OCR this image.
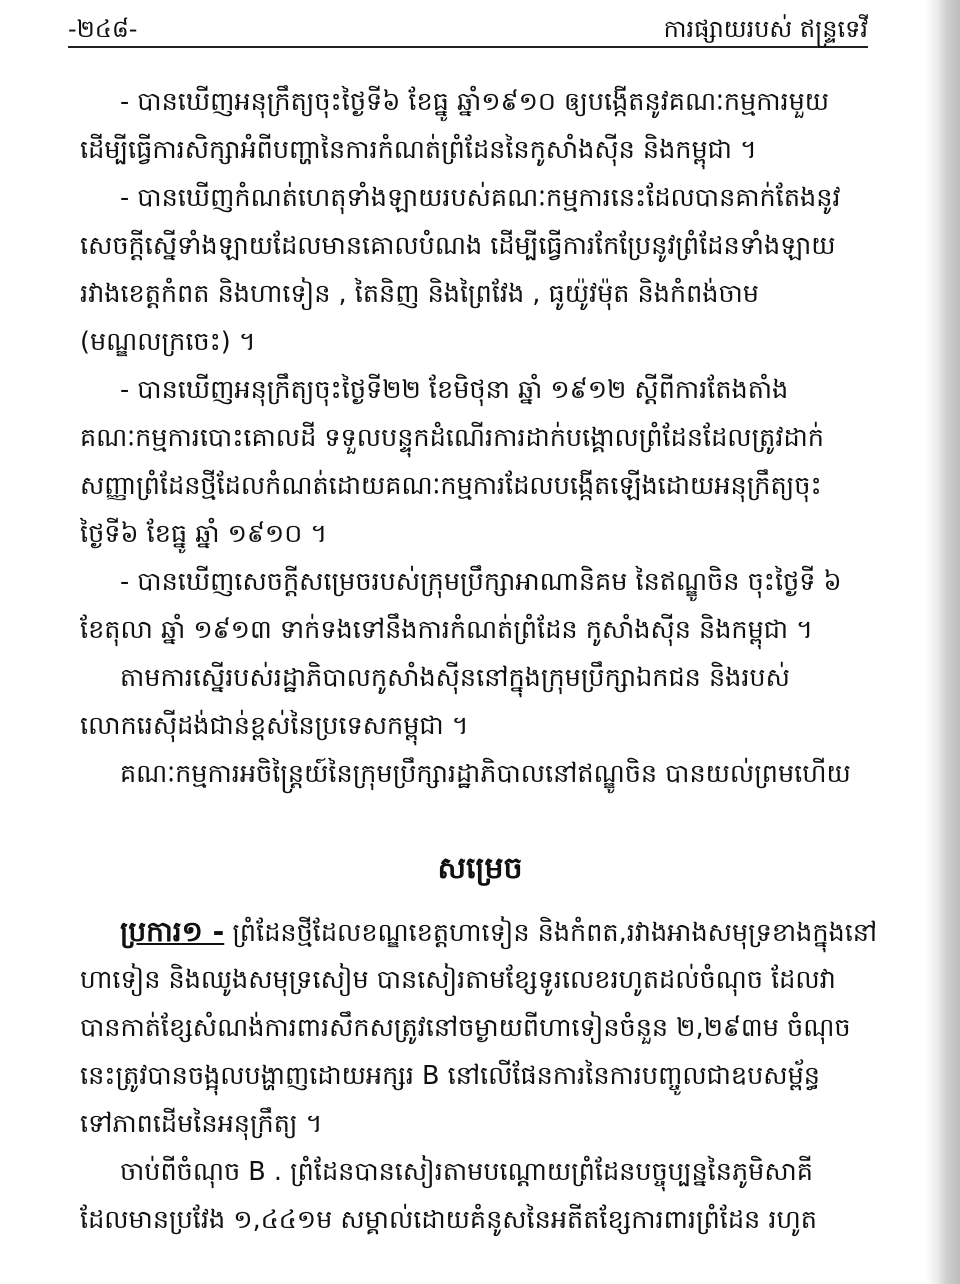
-២៤៨-	ការផ្សាយរបស់ ឥន្ទ្រទេវី
- បានឃើញអនុក្រឹត្យចុះថ្ងៃទី៦ ខែធ្នូ ឆ្នាំ១៩១០ ឲ្យបង្កើតនូវគណៈកម្មការមួយ
ដើម្បីធ្វើការសិក្សាអំពីបញ្ហានៃការកំណត់ព្រំដែននៃកូសាំងស៊ីន និងកម្ពុជា ។
- បានឃើញកំណត់ហេតុទាំងឡាយរបស់គណៈកម្មការនេះដែលបានគាក់តែងនូវ
សេចក្តីស្នើទាំងឡាយដែលមានគោលបំណង ដើម្បីធ្វើការកែប្រែនូវព្រំដែនទាំងឡាយ
រវាងខេត្តកំពត និងហាទៀន , តៃនិញ និងព្រៃវែង , ធូយ៉ូវម៉ុត និងកំពង់ចាម
(មណ្ឌលក្រចេះ) ។
- បានឃើញអនុក្រឹត្យចុះថ្ងៃទី២២ ខែមិថុនា ឆ្នាំ ១៩១២ ស្តីពីការតែងតាំង
គណៈកម្មការបោះគោលដី ទទួលបន្ទុកដំណើរការដាក់បង្គោលព្រំដែនដែលត្រូវដាក់
សញ្ញាព្រំដែនថ្មីដែលកំណត់ដោយគណៈកម្មការដែលបង្កើតឡើងដោយអនុក្រឹត្យចុះ
ថ្ងៃទី៦ ខែធ្នូ ឆ្នាំ ១៩១០ ។
- បានឃើញសេចក្តីសម្រេចរបស់ក្រុមប្រឹក្សាអាណានិគម នៃឥណ្ឌូចិន ចុះថ្ងៃទី ៦
ខែតុលា ឆ្នាំ ១៩១៣ ទាក់ទងទៅនឹងការកំណត់ព្រំដែន កូសាំងស៊ីន និងកម្ពុជា ។
តាមការស្នើរបស់រដ្ឋាភិបាលកូសាំងស៊ីននៅក្នុងក្រុមប្រឹក្សាឯកជន និងរបស់
លោករេស៊ីដង់ជាន់ខ្ពស់នៃប្រទេសកម្ពុជា ។
គណៈកម្មការអចិន្ត្រៃយ៍នៃក្រុមប្រឹក្សារដ្ឋាភិបាលនៅឥណ្ឌូចិន បានយល់ព្រមហើយ
សម្រេច
ប្រការ១ - ព្រំដែនថ្មីដែលខណ្ឌខេត្តហាទៀន និងកំពត,រវាងអាងសមុទ្រខាងក្នុងនៅ
ហាទៀន និងឈូងសមុទ្រសៀម បានសៀរតាមខ្សែទូរលេខរហូតដល់ចំណុច ដែលវា
បានកាត់ខ្សែសំណង់ការពារសឹកសត្រូវនៅចម្ងាយពីហាទៀនចំនួន ២,២៩៣ម ចំណុច
នេះត្រូវបានចង្អុលបង្ហាញដោយអក្សរ B នៅលើផែនការនៃការបញ្ចូលជាឧបសម្ព័ន្ធ
ទៅភាពដើមនៃអនុក្រឹត្យ ។
ចាប់ពីចំណុច B . ព្រំដែនបានសៀរតាមបណ្តោយព្រំដែនបច្ចុប្បន្ននៃភូមិសាគី
ដែលមានប្រវែង ១,៤៤១ម សម្គាល់ដោយគំនូសនៃអតីតខ្សែការពារព្រំដែន រហូត
